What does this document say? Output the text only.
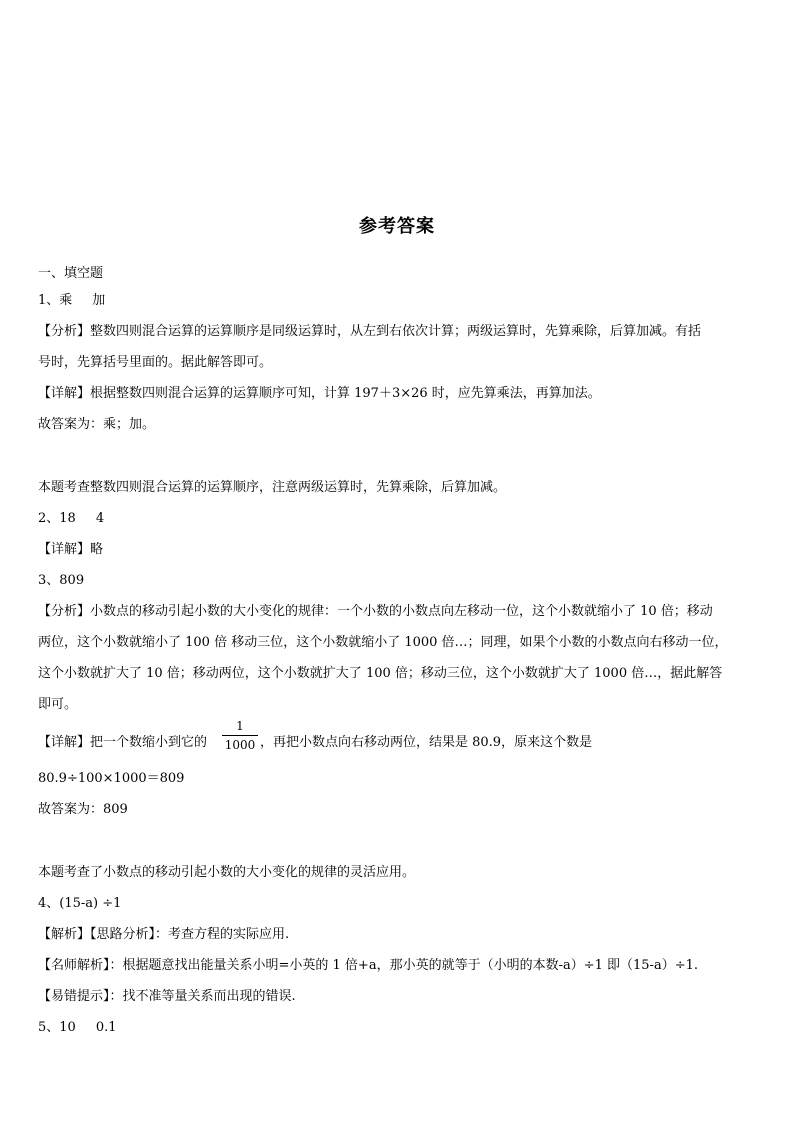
参考答案
一、填空题
1、乘 加
【分析】整数四则混合运算的运算顺序是同级运算时，从左到右依次计算；两级运算时，先算乘除，后算加减。有括
号时，先算括号里面的。据此解答即可。
【详解】根据整数四则混合运算的运算顺序可知，计算 197＋3×26 时，应先算乘法，再算加法。
故答案为：乘；加。
本题考查整数四则混合运算的运算顺序，注意两级运算时，先算乘除，后算加减。
2、18 4
【详解】略
3、809
【分析】小数点的移动引起小数的大小变化的规律：一个小数的小数点向左移动一位，这个小数就缩小了 10 倍；移动
两位，这个小数就缩小了 100 倍 移动三位，这个小数就缩小了 1000 倍…；同理，如果个小数的小数点向右移动一位，
这个小数就扩大了 10 倍；移动两位，这个小数就扩大了 100 倍；移动三位，这个小数就扩大了 1000 倍…，据此解答
即可。
【详解】把一个数缩小到它的
1
1000 ，再把小数点向右移动两位，结果是 80.9，原来这个数是
80.9÷100×1000＝809
故答案为：809
本题考查了小数点的移动引起小数的大小变化的规律的灵活应用。
4、(15-a) ÷1
【解析】【思路分析】：考查方程的实际应用.
【名师解析】：根据题意找出能量关系小明=小英的 1 倍+a，那小英的就等于（小明的本数-a）÷1 即（15-a）÷1.
【易错提示】：找不准等量关系而出现的错误.
5、10 0.1
